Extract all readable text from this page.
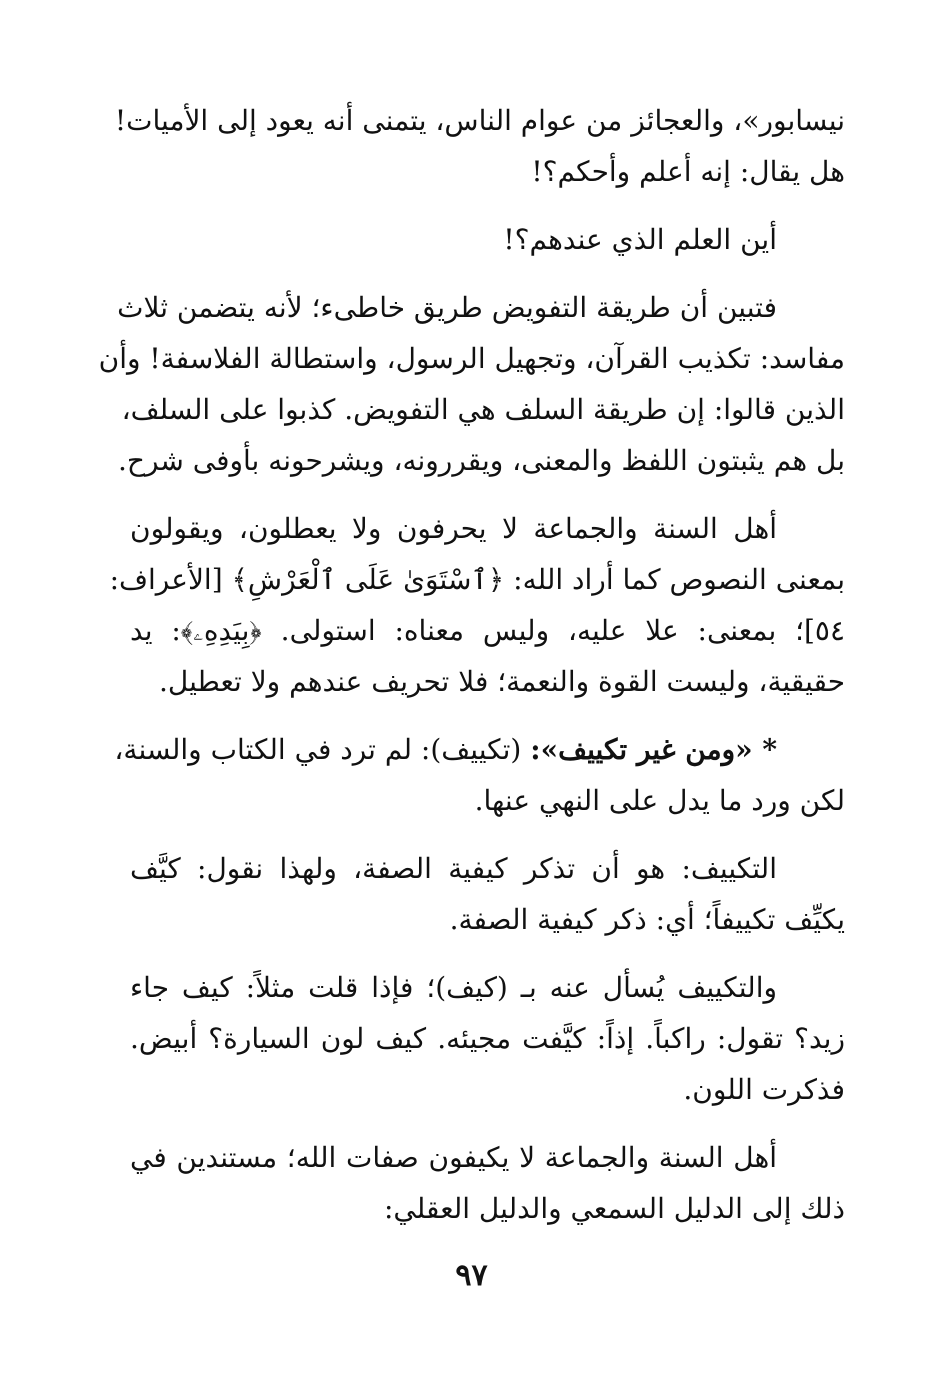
نيسابور»، والعجائز من عوام الناس، يتمنى أنه يعود إلى الأميات!
هل يقال: إنه أعلم وأحكم؟!
أين العلم الذي عندهم؟!
فتبين أن طريقة التفويض طريق خاطىء؛ لأنه يتضمن ثلاث
مفاسد: تكذيب القرآن، وتجهيل الرسول، واستطالة الفلاسفة! وأن
الذين قالوا: إن طريقة السلف هي التفويض. كذبوا على السلف،
بل هم يثبتون اللفظ والمعنى، ويقررونه، ويشرحونه بأوفى شرح.
أهل السنة والجماعة لا يحرفون ولا يعطلون، ويقولون
بمعنى النصوص كما أراد الله: ﴿ٱسْتَوَىٰ عَلَى ٱلْعَرْشِ﴾ [الأعراف:
٥٤]؛ بمعنى: علا عليه، وليس معناه: استولى. ﴿بِيَدِهِۦ﴾: يد
حقيقية، وليست القوة والنعمة؛ فلا تحريف عندهم ولا تعطيل.
* «ومن غير تكييف»: (تكييف): لم ترد في الكتاب والسنة،
لكن ورد ما يدل على النهي عنها.
التكييف: هو أن تذكر كيفية الصفة، ولهذا نقول: كيَّف
يكيِّف تكييفاً؛ أي: ذكر كيفية الصفة.
والتكييف يُسأل عنه بـ (كيف)؛ فإذا قلت مثلاً: كيف جاء
زيد؟ تقول: راكباً. إذاً: كيَّفت مجيئه. كيف لون السيارة؟ أبيض.
فذكرت اللون.
أهل السنة والجماعة لا يكيفون صفات الله؛ مستندين في
ذلك إلى الدليل السمعي والدليل العقلي:
٩٧
